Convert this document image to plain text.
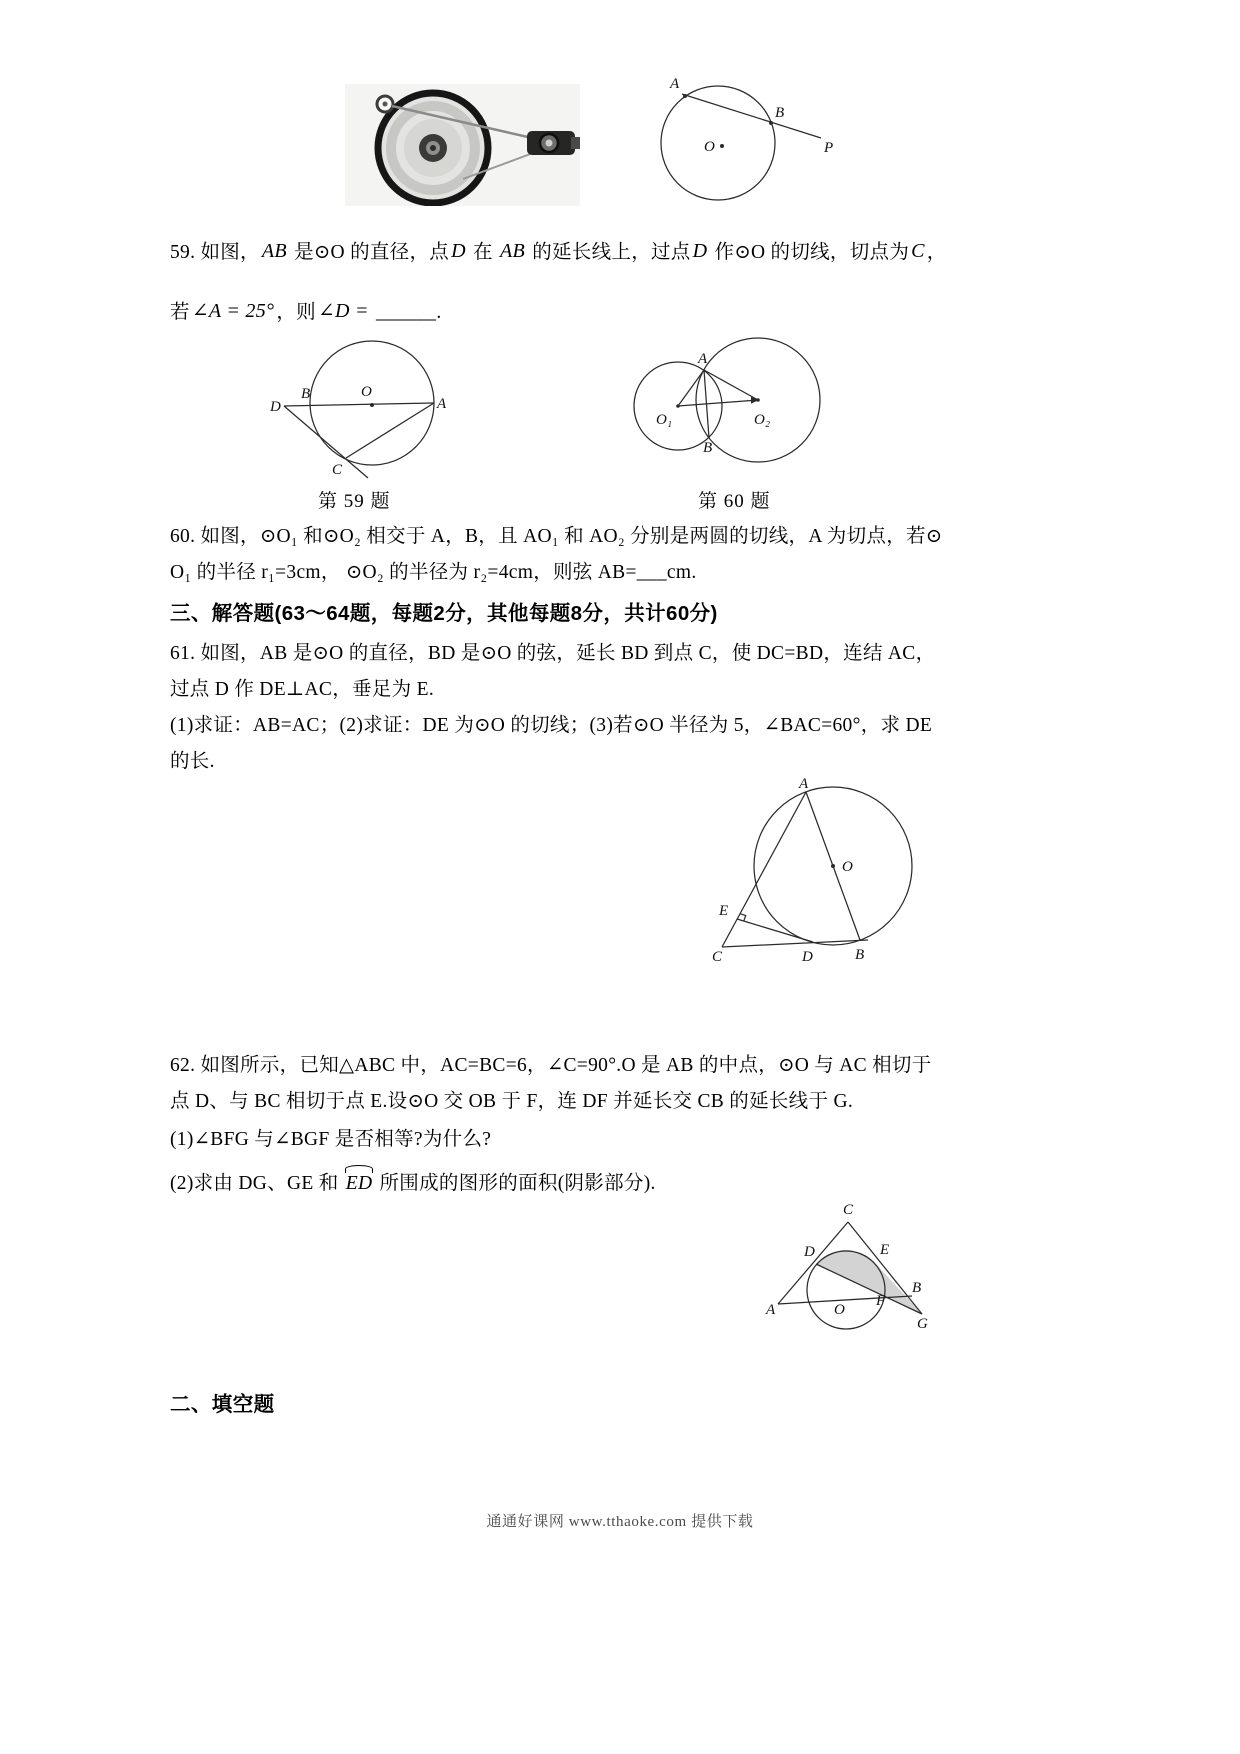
A
B
O	P
59. 如图， AB 是⊙O 的直径，点 D 在 AB 的延长线上，过点 D 作⊙O 的切线，切点为 C ，
若 ∠A = 25° ，则 ∠D = ______.
D
B	O
A
C
A
B
O₁	O₂
第 59 题	第 60 题
60. 如图，⊙O₁ 和⊙O₂ 相交于 A，B，且 AO₁ 和 AO₂ 分别是两圆的切线，A 为切点，若⊙
O₁ 的半径 r₁=3cm， ⊙O₂ 的半径为 r₂=4cm，则弦 AB=___cm.
三、解答题(63～64题，每题2分，其他每题8分，共计60分)
61. 如图，AB 是⊙O 的直径，BD 是⊙O 的弦，延长 BD 到点 C，使 DC=BD，连结 AC，
过点 D 作 DE⊥AC，垂足为 E.
(1)求证：AB=AC；(2)求证：DE 为⊙O 的切线；(3)若⊙O 半径为 5，∠BAC=60°，求 DE
的长.
A
O
E
C	D	B
62. 如图所示，已知△ABC 中，AC=BC=6，∠C=90°.O 是 AB 的中点，⊙O 与 AC 相切于
点 D、与 BC 相切于点 E.设⊙O 交 OB 于 F，连 DF 并延长交 CB 的延长线于 G.
(1)∠BFG 与∠BGF 是否相等?为什么?
(2)求由 DG、GE 和 ED 所围成的图形的面积(阴影部分).
C
D	E
A	O
F
B
G
二、填空题
通通好课网 www.tthaoke.com 提供下载
